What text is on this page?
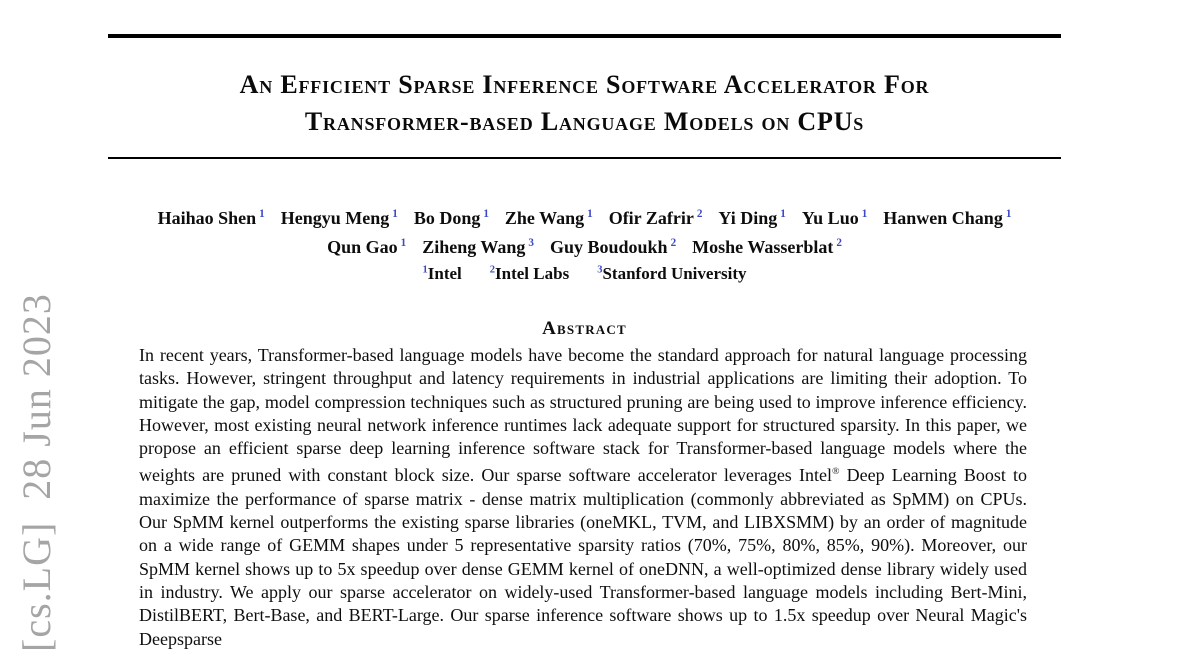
[cs.LG]  28 Jun 2023
An Efficient Sparse Inference Software Accelerator For
Transformer-based Language Models on CPUs
Haihao Shen $^1$ Hengyu Meng $^1$ Bo Dong $^1$ Zhe Wang $^1$ Ofir Zafrir $^2$ Yi Ding $^1$ Yu Luo $^1$ Hanwen Chang $^1$
Qun Gao $^1$ Ziheng Wang $^3$ Guy Boudoukh $^2$ Moshe Wasserblat $^2$
$^1$Intel	$^2$Intel Labs	$^3$Stanford University
Abstract
In recent years, Transformer-based language models have become the standard approach for natural language processing tasks. However, stringent throughput and latency requirements in industrial applications are limiting their adoption. To mitigate the gap, model compression techniques such as structured pruning are being used to improve inference efficiency. However, most existing neural network inference runtimes lack adequate support for structured sparsity. In this paper, we propose an efficient sparse deep learning inference software stack for Transformer-based language models where the weights are pruned with constant block size. Our sparse software accelerator leverages Intel® Deep Learning Boost to maximize the performance of sparse matrix - dense matrix multiplication (commonly abbreviated as SpMM) on CPUs. Our SpMM kernel outperforms the existing sparse libraries (oneMKL, TVM, and LIBXSMM) by an order of magnitude on a wide range of GEMM shapes under 5 representative sparsity ratios (70%, 75%, 80%, 85%, 90%). Moreover, our SpMM kernel shows up to 5x speedup over dense GEMM kernel of oneDNN, a well-optimized dense library widely used in industry. We apply our sparse accelerator on widely-used Transformer-based language models including Bert-Mini, DistilBERT, Bert-Base, and BERT-Large. Our sparse inference software shows up to 1.5x speedup over Neural Magic's Deepsparse
